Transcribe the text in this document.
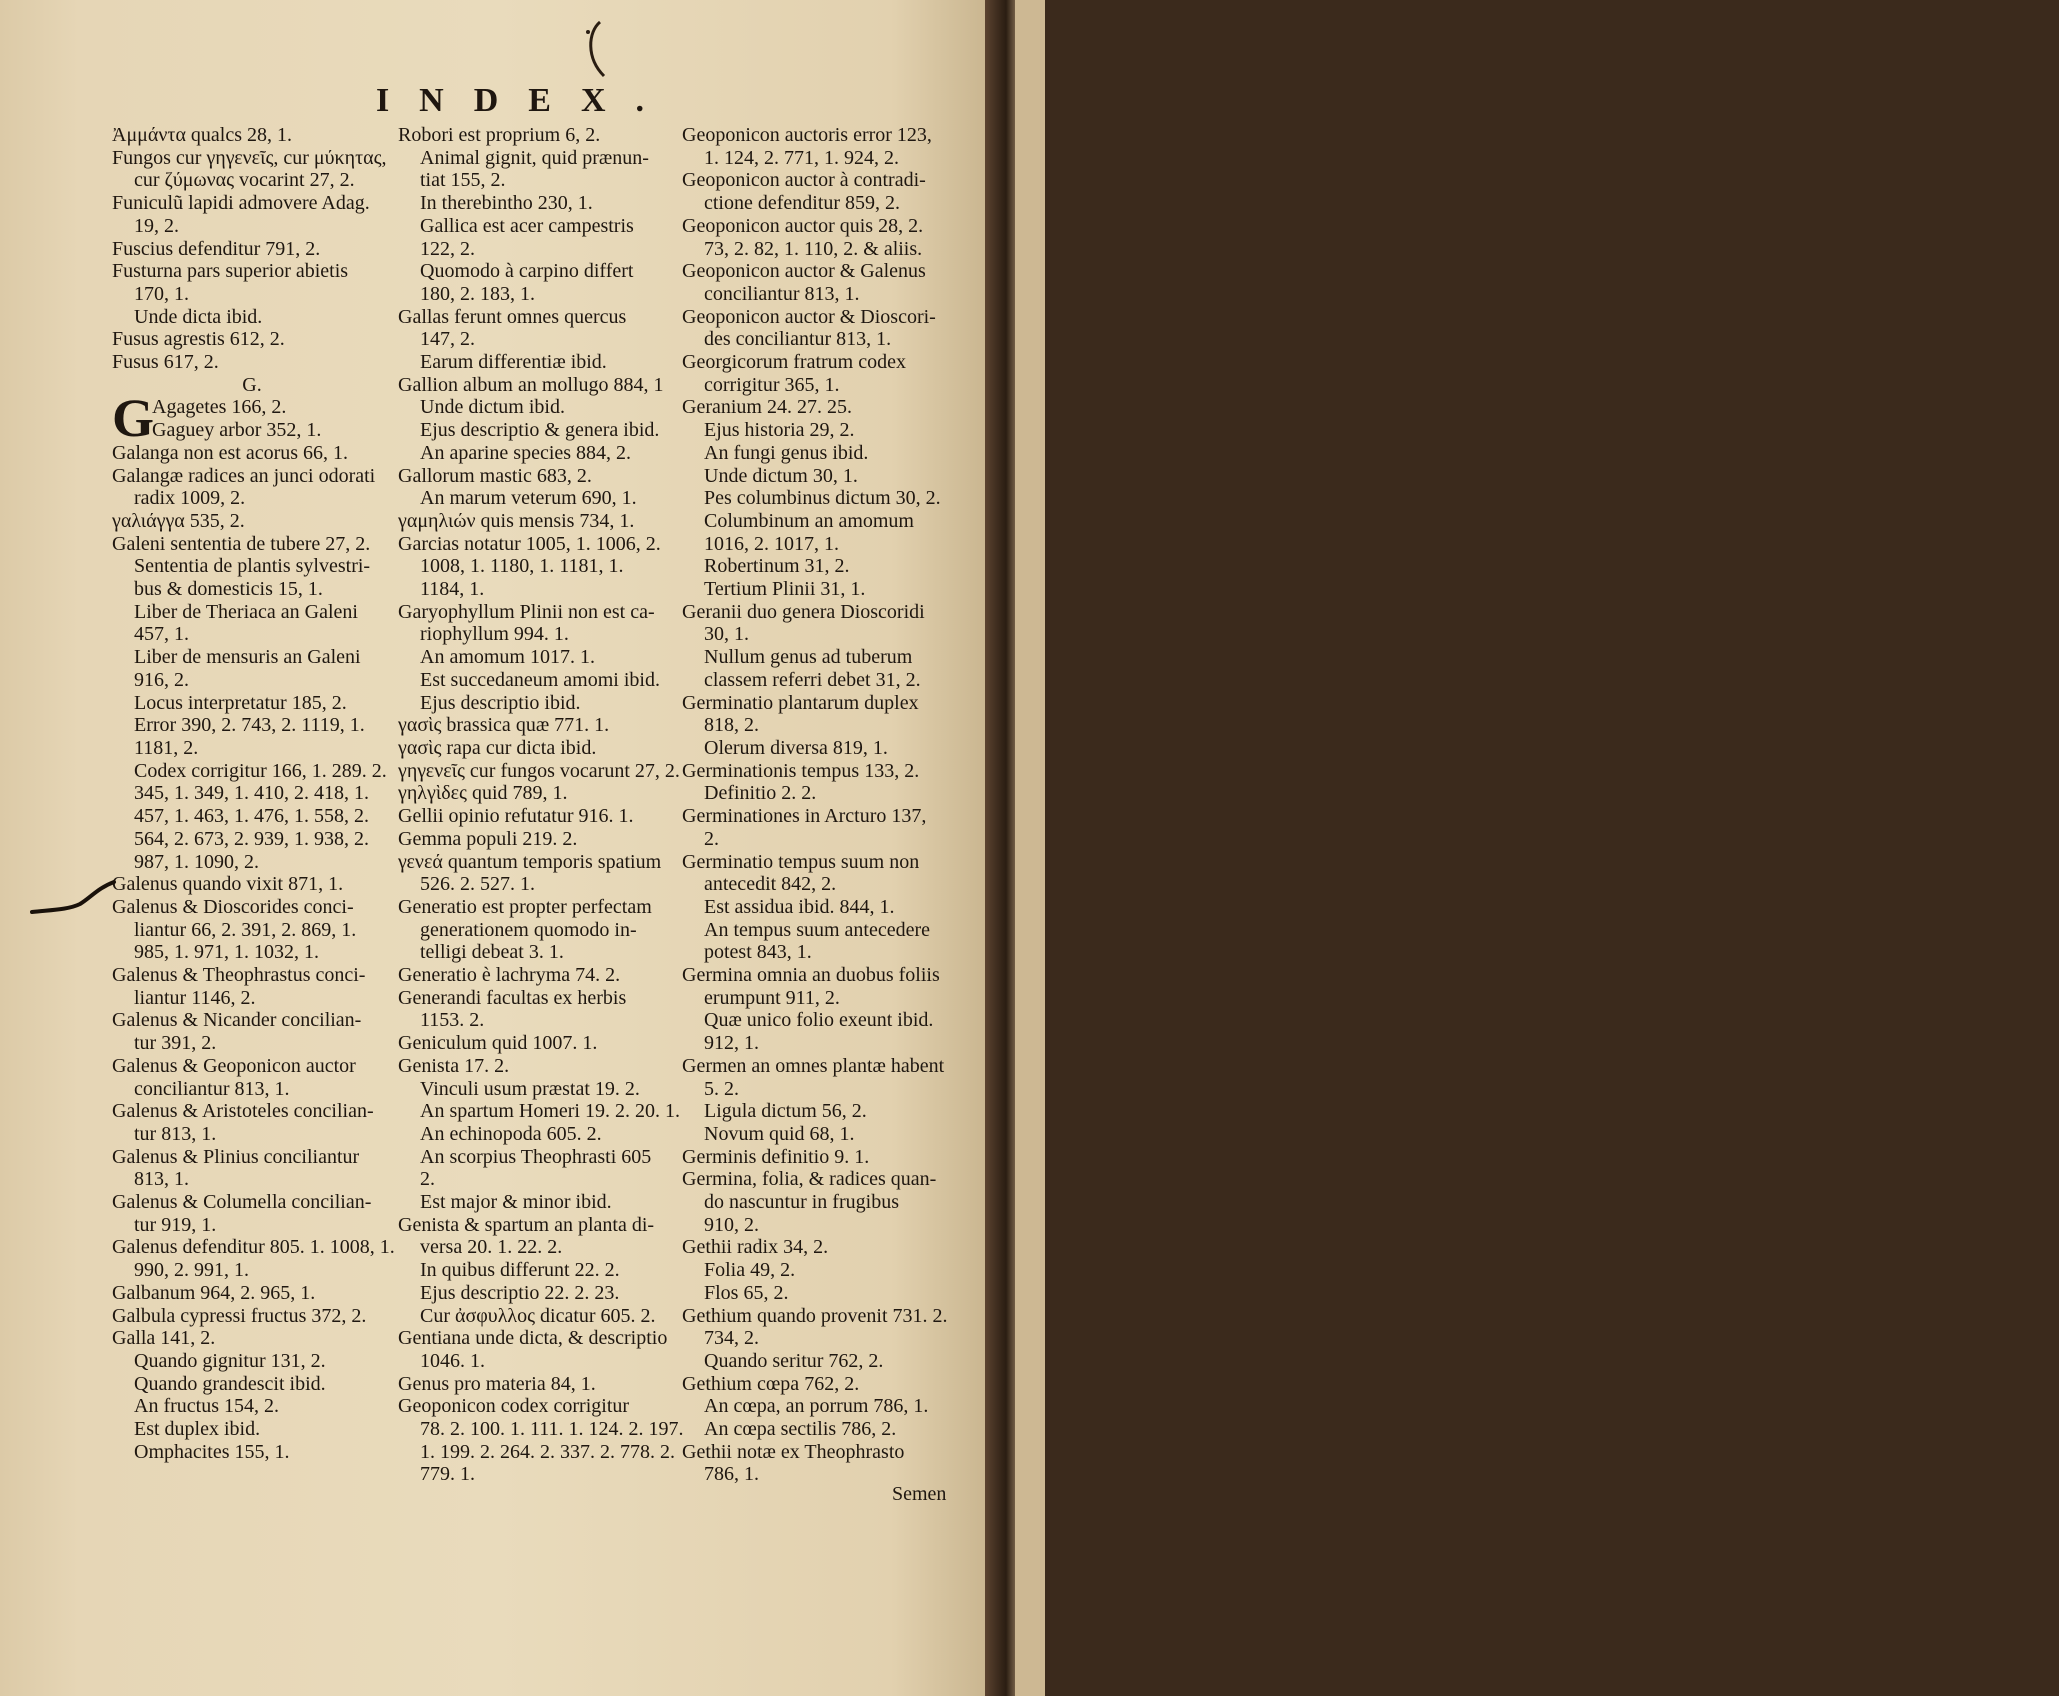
INDEX.
Ἀμμάντα qualcs 28, 1.
Fungos cur γηγενεῖς, cur μύκητας,
cur ζύμωνας vocarint 27, 2.
Funiculũ lapidi admovere Adag.
19, 2.
Fuscius defenditur 791, 2.
Fusturna pars superior abietis
170, 1.
Unde dicta ibid.
Fusus agrestis 612, 2.
Fusus 617, 2.
G.
G
Agagetes 166, 2.
Gaguey arbor 352, 1.
Galanga non est acorus 66, 1.
Galangæ radices an junci odorati
radix 1009, 2.
γαλιάγγα 535, 2.
Galeni sententia de tubere 27, 2.
Sententia de plantis sylvestri-
bus & domesticis 15, 1.
Liber de Theriaca an Galeni
457, 1.
Liber de mensuris an Galeni
916, 2.
Locus interpretatur 185, 2.
Error 390, 2. 743, 2. 1119, 1.
1181, 2.
Codex corrigitur 166, 1. 289. 2.
345, 1. 349, 1. 410, 2. 418, 1.
457, 1. 463, 1. 476, 1. 558, 2.
564, 2. 673, 2. 939, 1. 938, 2.
987, 1. 1090, 2.
Galenus quando vixit 871, 1.
Galenus & Dioscorides conci-
liantur 66, 2. 391, 2. 869, 1.
985, 1. 971, 1. 1032, 1.
Galenus & Theophrastus conci-
liantur 1146, 2.
Galenus & Nicander concilian-
tur 391, 2.
Galenus & Geoponicon auctor
conciliantur 813, 1.
Galenus & Aristoteles concilian-
tur 813, 1.
Galenus & Plinius conciliantur
813, 1.
Galenus & Columella concilian-
tur 919, 1.
Galenus defenditur 805. 1. 1008, 1.
990, 2. 991, 1.
Galbanum 964, 2. 965, 1.
Galbula cypressi fructus 372, 2.
Galla 141, 2.
Quando gignitur 131, 2.
Quando grandescit ibid.
An fructus 154, 2.
Est duplex ibid.
Omphacites 155, 1.
Robori est proprium 6, 2.
Animal gignit, quid prænun-
tiat 155, 2.
In therebintho 230, 1.
Gallica est acer campestris
122, 2.
Quomodo à carpino differt
180, 2. 183, 1.
Gallas ferunt omnes quercus
147, 2.
Earum differentiæ ibid.
Gallion album an mollugo 884, 1
Unde dictum ibid.
Ejus descriptio & genera ibid.
An aparine species 884, 2.
Gallorum mastic 683, 2.
An marum veterum 690, 1.
γαμηλιών quis mensis 734, 1.
Garcias notatur 1005, 1. 1006, 2.
1008, 1. 1180, 1. 1181, 1.
1184, 1.
Garyophyllum Plinii non est ca-
riophyllum 994. 1.
An amomum 1017. 1.
Est succedaneum amomi ibid.
Ejus descriptio ibid.
γασὶς brassica quæ 771. 1.
γασὶς rapa cur dicta ibid.
γηγενεῖς cur fungos vocarunt 27, 2.
γηλγὶδες quid 789, 1.
Gellii opinio refutatur 916. 1.
Gemma populi 219. 2.
γενεά quantum temporis spatium
526. 2. 527. 1.
Generatio est propter perfectam
generationem quomodo in-
telligi debeat 3. 1.
Generatio è lachryma 74. 2.
Generandi facultas ex herbis
1153. 2.
Geniculum quid 1007. 1.
Genista 17. 2.
Vinculi usum præstat 19. 2.
An spartum Homeri 19. 2. 20. 1.
An echinopoda 605. 2.
An scorpius Theophrasti 605
2.
Est major & minor ibid.
Genista & spartum an planta di-
versa 20. 1. 22. 2.
In quibus differunt 22. 2.
Ejus descriptio 22. 2. 23.
Cur ἀσφυλλος dicatur 605. 2.
Gentiana unde dicta, & descriptio
1046. 1.
Genus pro materia 84, 1.
Geoponicon codex corrigitur
78. 2. 100. 1. 111. 1. 124. 2. 197.
1. 199. 2. 264. 2. 337. 2. 778. 2.
779. 1.
Geoponicon auctoris error 123,
1. 124, 2. 771, 1. 924, 2.
Geoponicon auctor à contradi-
ctione defenditur 859, 2.
Geoponicon auctor quis 28, 2.
73, 2. 82, 1. 110, 2. & aliis.
Geoponicon auctor & Galenus
conciliantur 813, 1.
Geoponicon auctor & Dioscori-
des conciliantur 813, 1.
Georgicorum fratrum codex
corrigitur 365, 1.
Geranium 24. 27. 25.
Ejus historia 29, 2.
An fungi genus ibid.
Unde dictum 30, 1.
Pes columbinus dictum 30, 2.
Columbinum an amomum
1016, 2. 1017, 1.
Robertinum 31, 2.
Tertium Plinii 31, 1.
Geranii duo genera Dioscoridi
30, 1.
Nullum genus ad tuberum
classem referri debet 31, 2.
Germinatio plantarum duplex
818, 2.
Olerum diversa 819, 1.
Germinationis tempus 133, 2.
Definitio 2. 2.
Germinationes in Arcturo 137,
2.
Germinatio tempus suum non
antecedit 842, 2.
Est assidua ibid. 844, 1.
An tempus suum antecedere
potest 843, 1.
Germina omnia an duobus foliis
erumpunt 911, 2.
Quæ unico folio exeunt ibid.
912, 1.
Germen an omnes plantæ habent
5. 2.
Ligula dictum 56, 2.
Novum quid 68, 1.
Germinis definitio 9. 1.
Germina, folia, & radices quan-
do nascuntur in frugibus
910, 2.
Gethii radix 34, 2.
Folia 49, 2.
Flos 65, 2.
Gethium quando provenit 731. 2.
734, 2.
Quando seritur 762, 2.
Gethium cœpa 762, 2.
An cœpa, an porrum 786, 1.
An cœpa sectilis 786, 2.
Gethii notæ ex Theophrasto
786, 1.
Semen
